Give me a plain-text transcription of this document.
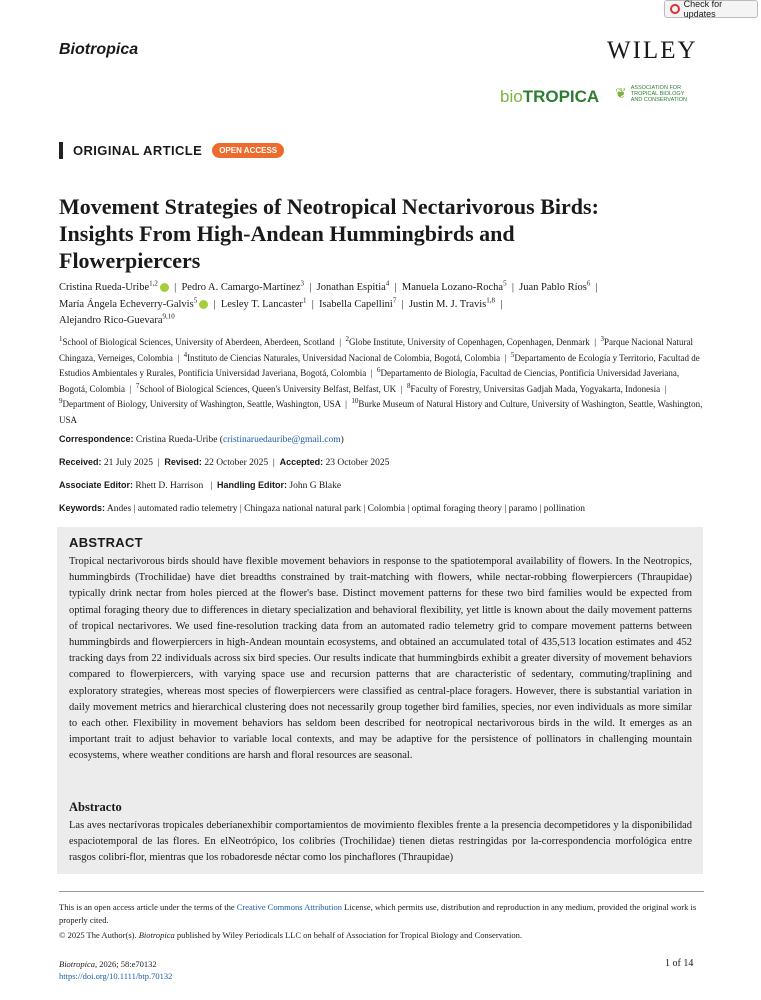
Check for updates
Biotropica	WILEY
bioTROPICA ❦ ASSOCIATION FOR
TROPICAL BIOLOGY
AND CONSERVATION
ORIGINAL ARTICLE	OPEN ACCESS
Movement Strategies of Neotropical Nectarivorous Birds: Insights From High-Andean Hummingbirds and Flowerpiercers
Cristina Rueda-Uribe$^{1,2}$  |  Pedro A. Camargo-Martínez$^3$  |  Jonathan Espitia$^4$  |  Manuela Lozano-Rocha$^5$  |  Juan Pablo Ríos$^6$  |
María Ángela Echeverry-Galvis$^5$  |  Lesley T. Lancaster$^1$  |  Isabella Capellini$^7$  |  Justin M. J. Travis$^{1,8}$  |
Alejandro Rico-Guevara$^{9,10}$
$^1$School of Biological Sciences, University of Aberdeen, Aberdeen, Scotland  |  $^2$Globe Institute, University of Copenhagen, Copenhagen, Denmark  |  $^3$Parque Nacional Natural Chingaza, Verneiges, Colombia  |  $^4$Instituto de Ciencias Naturales, Universidad Nacional de Colombia, Bogotá, Colombia  |  $^5$Departamento de Ecología y Territorio, Facultad de Estudios Ambientales y Rurales, Pontificia Universidad Javeriana, Bogotá, Colombia  |  $^6$Departamento de Biología, Facultad de Ciencias, Pontificia Universidad Javeriana, Bogotá, Colombia  |  $^7$School of Biological Sciences, Queen's University Belfast, Belfast, UK  |  $^8$Faculty of Forestry, Universitas Gadjah Mada, Yogyakarta, Indonesia  |  $^9$Department of Biology, University of Washington, Seattle, Washington, USA  |  $^{10}$Burke Museum of Natural History and Culture, University of Washington, Seattle, Washington, USA
Correspondence: Cristina Rueda-Uribe (cristinaruedauribe@gmail.com)
Received: 21 July 2025  |  Revised: 22 October 2025  |  Accepted: 23 October 2025
Associate Editor: Rhett D. Harrison   |  Handling Editor: John G Blake
Keywords: Andes | automated radio telemetry | Chingaza national natural park | Colombia | optimal foraging theory | paramo | pollination
ABSTRACT
Tropical nectarivorous birds should have flexible movement behaviors in response to the spatiotemporal availability of flowers. In the Neotropics, hummingbirds (Trochilidae) have diet breadths constrained by trait-matching with flowers, while nectar-robbing flowerpiercers (Thraupidae) typically drink nectar from holes pierced at the flower's base. Distinct movement patterns for these two bird families would be expected from optimal foraging theory due to differences in dietary specialization and behavioral flexibility, yet little is known about the daily movement patterns of tropical nectarivores. We used fine-resolution tracking data from an automated radio telemetry grid to compare movement patterns between hummingbirds and flowerpiercers in high-Andean mountain ecosystems, and obtained an accumulated total of 435,513 location estimates and 452 tracking days from 22 individuals across six bird species. Our results indicate that hummingbirds exhibit a greater diversity of movement behaviors compared to flowerpiercers, with varying space use and recursion patterns that are characteristic of sedentary, commuting/traplining and exploratory strategies, whereas most species of flowerpiercers were classified as central-place foragers. However, there is substantial variation in daily movement metrics and hierarchical clustering does not necessarily group together bird families, species, nor even individuals as more similar to each other. Flexibility in movement behaviors has seldom been described for neotropical nectarivorous birds in the wild. It emerges as an important trait to adjust behavior to variable local contexts, and may be adaptive for the persistence of pollinators in challenging mountain ecosystems, where weather conditions are harsh and floral resources are seasonal.
Abstracto
Las aves nectarívoras tropicales deberíanexhibir comportamientos de movimiento flexibles frente a la presencia decompetidores y la disponibilidad espaciotemporal de las flores. En elNeotrópico, los colibríes (Trochilidae) tienen dietas restringidas por la-correspondencia morfológica entre rasgos colibrí-flor, mientras que los robadoresde néctar como los pinchaflores (Thraupidae)
This is an open access article under the terms of the Creative Commons Attribution License, which permits use, distribution and reproduction in any medium, provided the original work is properly cited.
© 2025 The Author(s). Biotropica published by Wiley Periodicals LLC on behalf of Association for Tropical Biology and Conservation.
Biotropica, 2026; 58:e70132
https://doi.org/10.1111/btp.70132
1 of 14
